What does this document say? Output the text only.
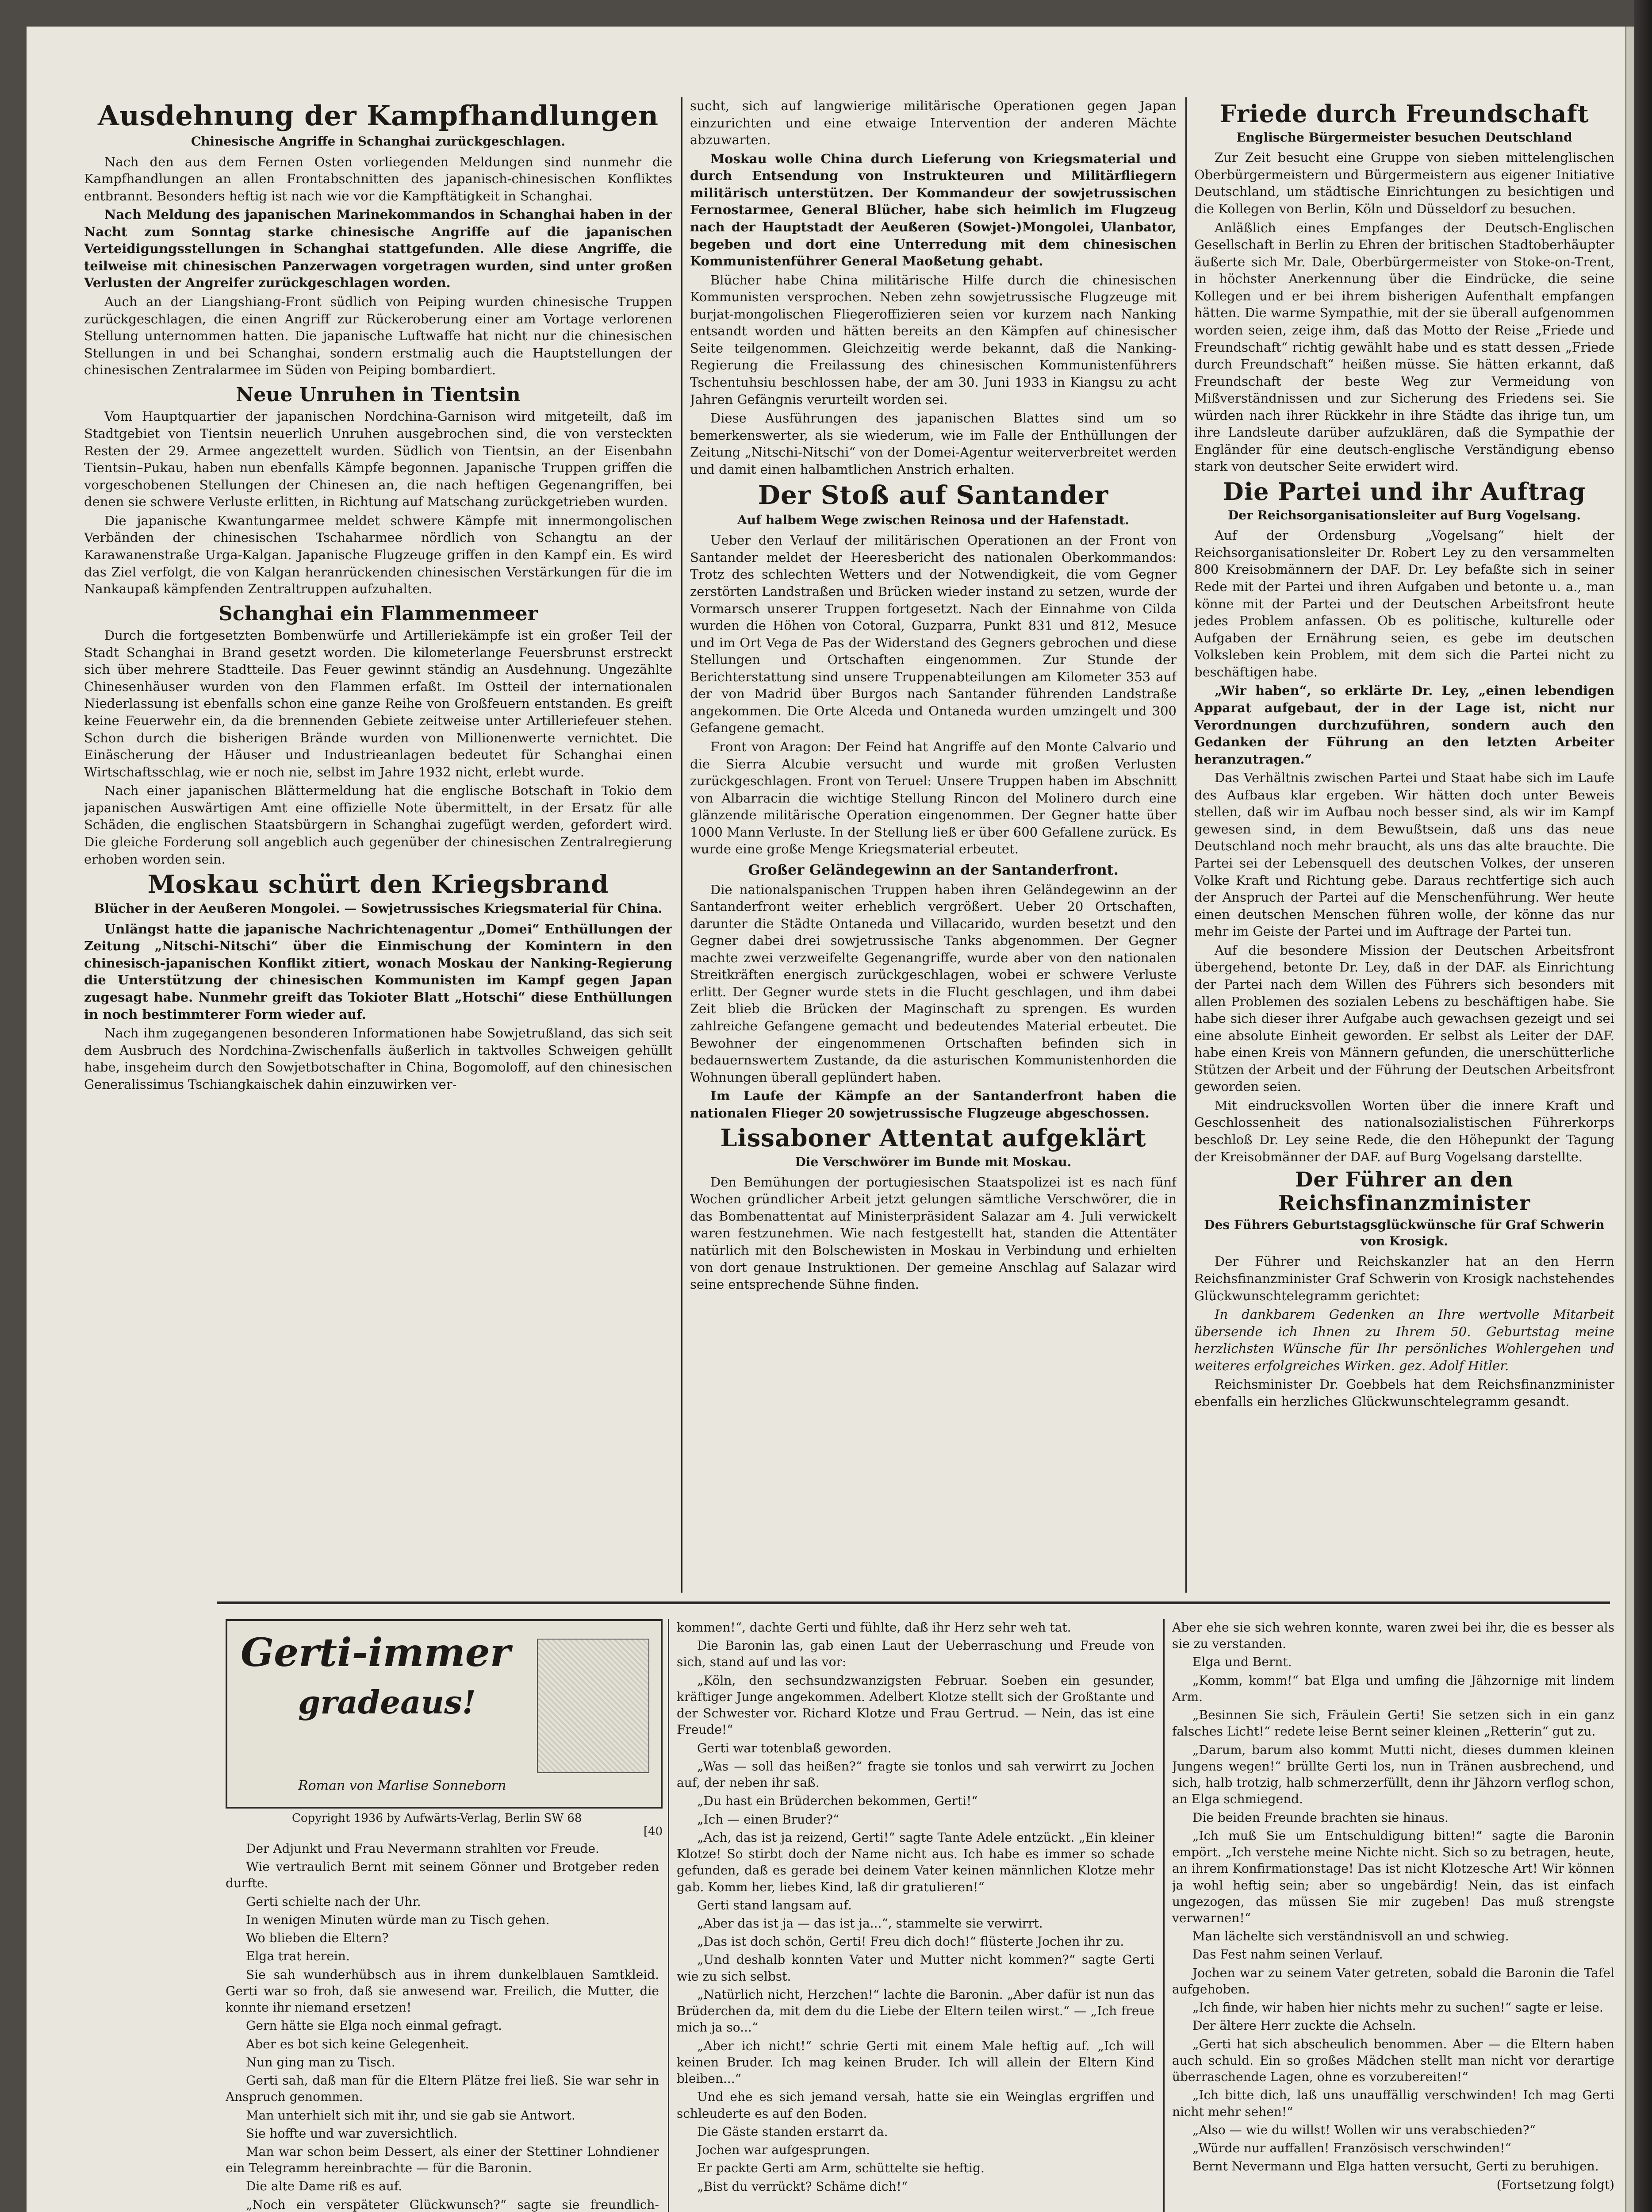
Ausdehnung der Kampfhandlungen
Chinesische Angriffe in Schanghai zurückgeschlagen.

Nach den aus dem Fernen Osten vorliegenden Meldungen sind nunmehr die Kampfhandlungen an allen Frontabschnitten des japanisch-chinesischen Konfliktes entbrannt. Besonders heftig ist nach wie vor die Kampftätigkeit in Schanghai.

Nach Meldung des japanischen Marinekommandos in Schanghai haben in der Nacht zum Sonntag starke chinesische Angriffe auf die japanischen Verteidigungsstellungen in Schanghai stattgefunden. Alle diese Angriffe, die teilweise mit chinesischen Panzerwagen vorgetragen wurden, sind unter großen Verlusten der Angreifer zurückgeschlagen worden.

Auch an der Liangshiang-Front südlich von Peiping wurden chinesische Truppen zurückgeschlagen, die einen Angriff zur Rückeroberung einer am Vortage verlorenen Stellung unternommen hatten. Die japanische Luftwaffe hat nicht nur die chinesischen Stellungen in und bei Schanghai, sondern erstmalig auch die Hauptstellungen der chinesischen Zentralarmee im Süden von Peiping bombardiert.

Neue Unruhen in Tientsin

Vom Hauptquartier der japanischen Nordchina-Garnison wird mitgeteilt, daß im Stadtgebiet von Tientsin neuerlich Unruhen ausgebrochen sind, die von versteckten Resten der 29. Armee angezettelt wurden. Südlich von Tientsin, an der Eisenbahn Tientsin–Pukau, haben nun ebenfalls Kämpfe begonnen. Japanische Truppen griffen die vorgeschobenen Stellungen der Chinesen an, die nach heftigen Gegenangriffen, bei denen sie schwere Verluste erlitten, in Richtung auf Matschang zurückgetrieben wurden.

Die japanische Kwantungarmee meldet schwere Kämpfe mit innermongolischen Verbänden der chinesischen Tschaharmee nördlich von Schangtu an der Karawanenstraße Urga-Kalgan. Japanische Flugzeuge griffen in den Kampf ein. Es wird das Ziel verfolgt, die von Kalgan heranrückenden chinesischen Verstärkungen für die im Nankaupaß kämpfenden Zentraltruppen aufzuhalten.

Schanghai ein Flammenmeer

Durch die fortgesetzten Bombenwürfe und Artilleriekämpfe ist ein großer Teil der Stadt Schanghai in Brand gesetzt worden. Die kilometerlange Feuersbrunst erstreckt sich über mehrere Stadtteile. Das Feuer gewinnt ständig an Ausdehnung. Ungezählte Chinesenhäuser wurden von den Flammen erfaßt. Im Ostteil der internationalen Niederlassung ist ebenfalls schon eine ganze Reihe von Großfeuern entstanden. Es greift keine Feuerwehr ein, da die brennenden Gebiete zeitweise unter Artilleriefeuer stehen. Schon durch die bisherigen Brände wurden von Millionenwerte vernichtet. Die Einäscherung der Häuser und Industrieanlagen bedeutet für Schanghai einen Wirtschaftsschlag, wie er noch nie, selbst im Jahre 1932 nicht, erlebt wurde.

Nach einer japanischen Blättermeldung hat die englische Botschaft in Tokio dem japanischen Auswärtigen Amt eine offizielle Note übermittelt, in der Ersatz für alle Schäden, die englischen Staatsbürgern in Schanghai zugefügt werden, gefordert wird. Die gleiche Forderung soll angeblich auch gegenüber der chinesischen Zentralregierung erhoben worden sein.

Moskau schürt den Kriegsbrand
Blücher in der Aeußeren Mongolei. — Sowjetrussisches Kriegsmaterial für China.

Unlängst hatte die japanische Nachrichtenagentur „Domei“ Enthüllungen der Zeitung „Nitschi-Nitschi“ über die Einmischung der Komintern in den chinesisch-japanischen Konflikt zitiert, wonach Moskau der Nanking-Regierung die Unterstützung der chinesischen Kommunisten im Kampf gegen Japan zugesagt habe. Nunmehr greift das Tokioter Blatt „Hotschi“ diese Enthüllungen in noch bestimmterer Form wieder auf.

Nach ihm zugegangenen besonderen Informationen habe Sowjetrußland, das sich seit dem Ausbruch des Nordchina-Zwischenfalls äußerlich in taktvolles Schweigen gehüllt habe, insgeheim durch den Sowjetbotschafter in China, Bogomoloff, auf den chinesischen Generalissimus Tschiangkaischek dahin einzuwirken ver-

sucht, sich auf langwierige militärische Operationen gegen Japan einzurichten und eine etwaige Intervention der anderen Mächte abzuwarten.

Moskau wolle China durch Lieferung von Kriegsmaterial und durch Entsendung von Instrukteuren und Militärfliegern militärisch unterstützen. Der Kommandeur der sowjetrussischen Fernostarmee, General Blücher, habe sich heimlich im Flugzeug nach der Hauptstadt der Aeußeren (Sowjet-)Mongolei, Ulanbator, begeben und dort eine Unterredung mit dem chinesischen Kommunistenführer General Maoßetung gehabt.

Blücher habe China militärische Hilfe durch die chinesischen Kommunisten versprochen. Neben zehn sowjetrussische Flugzeuge mit burjat-mongolischen Fliegeroffizieren seien vor kurzem nach Nanking entsandt worden und hätten bereits an den Kämpfen auf chinesischer Seite teilgenommen. Gleichzeitig werde bekannt, daß die Nanking-Regierung die Freilassung des chinesischen Kommunistenführers Tschentuhsiu beschlossen habe, der am 30. Juni 1933 in Kiangsu zu acht Jahren Gefängnis verurteilt worden sei.

Diese Ausführungen des japanischen Blattes sind um so bemerkenswerter, als sie wiederum, wie im Falle der Enthüllungen der Zeitung „Nitschi-Nitschi“ von der Domei-Agentur weiterverbreitet werden und damit einen halbamtlichen Anstrich erhalten.

Der Stoß auf Santander
Auf halbem Wege zwischen Reinosa und der Hafenstadt.

Ueber den Verlauf der militärischen Operationen an der Front von Santander meldet der Heeresbericht des nationalen Oberkommandos: Trotz des schlechten Wetters und der Notwendigkeit, die vom Gegner zerstörten Landstraßen und Brücken wieder instand zu setzen, wurde der Vormarsch unserer Truppen fortgesetzt. Nach der Einnahme von Cilda wurden die Höhen von Cotoral, Guzparra, Punkt 831 und 812, Mesuce und im Ort Vega de Pas der Widerstand des Gegners gebrochen und diese Stellungen und Ortschaften eingenommen. Zur Stunde der Berichterstattung sind unsere Truppenabteilungen am Kilometer 353 auf der von Madrid über Burgos nach Santander führenden Landstraße angekommen. Die Orte Alceda und Ontaneda wurden umzingelt und 300 Gefangene gemacht.

Front von Aragon: Der Feind hat Angriffe auf den Monte Calvario und die Sierra Alcubie versucht und wurde mit großen Verlusten zurückgeschlagen. Front von Teruel: Unsere Truppen haben im Abschnitt von Albarracin die wichtige Stellung Rincon del Molinero durch eine glänzende militärische Operation eingenommen. Der Gegner hatte über 1000 Mann Verluste. In der Stellung ließ er über 600 Gefallene zurück. Es wurde eine große Menge Kriegsmaterial erbeutet.

Großer Geländegewinn an der Santanderfront.

Die nationalspanischen Truppen haben ihren Geländegewinn an der Santanderfront weiter erheblich vergrößert. Ueber 20 Ortschaften, darunter die Städte Ontaneda und Villacarido, wurden besetzt und den Gegner dabei drei sowjetrussische Tanks abgenommen. Der Gegner machte zwei verzweifelte Gegenangriffe, wurde aber von den nationalen Streitkräften energisch zurückgeschlagen, wobei er schwere Verluste erlitt. Der Gegner wurde stets in die Flucht geschlagen, und ihm dabei Zeit blieb die Brücken der Maginschaft zu sprengen. Es wurden zahlreiche Gefangene gemacht und bedeutendes Material erbeutet. Die Bewohner der eingenommenen Ortschaften befinden sich in bedauernswertem Zustande, da die asturischen Kommunistenhorden die Wohnungen überall geplündert haben.

Im Laufe der Kämpfe an der Santanderfront haben die nationalen Flieger 20 sowjetrussische Flugzeuge abgeschossen.

Lissaboner Attentat aufgeklärt
Die Verschwörer im Bunde mit Moskau.

Den Bemühungen der portugiesischen Staatspolizei ist es nach fünf Wochen gründlicher Arbeit jetzt gelungen sämtliche Verschwörer, die in das Bombenattentat auf Ministerpräsident Salazar am 4. Juli verwickelt waren festzunehmen. Wie nach festgestellt hat, standen die Attentäter natürlich mit den Bolschewisten in Moskau in Verbindung und erhielten von dort genaue Instruktionen. Der gemeine Anschlag auf Salazar wird seine entsprechende Sühne finden.

Friede durch Freundschaft
Englische Bürgermeister besuchen Deutschland

Zur Zeit besucht eine Gruppe von sieben mittelenglischen Oberbürgermeistern und Bürgermeistern aus eigener Initiative Deutschland, um städtische Einrichtungen zu besichtigen und die Kollegen von Berlin, Köln und Düsseldorf zu besuchen.

Anläßlich eines Empfanges der Deutsch-Englischen Gesellschaft in Berlin zu Ehren der britischen Stadtoberhäupter äußerte sich Mr. Dale, Oberbürgermeister von Stoke-on-Trent, in höchster Anerkennung über die Eindrücke, die seine Kollegen und er bei ihrem bisherigen Aufenthalt empfangen hätten. Die warme Sympathie, mit der sie überall aufgenommen worden seien, zeige ihm, daß das Motto der Reise „Friede und Freundschaft“ richtig gewählt habe und es statt dessen „Friede durch Freundschaft“ heißen müsse. Sie hätten erkannt, daß Freundschaft der beste Weg zur Vermeidung von Mißverständnissen und zur Sicherung des Friedens sei. Sie würden nach ihrer Rückkehr in ihre Städte das ihrige tun, um ihre Landsleute darüber aufzuklären, daß die Sympathie der Engländer für eine deutsch-englische Verständigung ebenso stark von deutscher Seite erwidert wird.

Die Partei und ihr Auftrag
Der Reichsorganisationsleiter auf Burg Vogelsang.

Auf der Ordensburg „Vogelsang“ hielt der Reichsorganisationsleiter Dr. Robert Ley zu den versammelten 800 Kreisobmännern der DAF. Dr. Ley befaßte sich in seiner Rede mit der Partei und ihren Aufgaben und betonte u. a., man könne mit der Partei und der Deutschen Arbeitsfront heute jedes Problem anfassen. Ob es politische, kulturelle oder Aufgaben der Ernährung seien, es gebe im deutschen Volksleben kein Problem, mit dem sich die Partei nicht zu beschäftigen habe.

„Wir haben“, so erklärte Dr. Ley, „einen lebendigen Apparat aufgebaut, der in der Lage ist, nicht nur Verordnungen durchzuführen, sondern auch den Gedanken der Führung an den letzten Arbeiter heranzutragen.“

Das Verhältnis zwischen Partei und Staat habe sich im Laufe des Aufbaus klar ergeben. Wir hätten doch unter Beweis stellen, daß wir im Aufbau noch besser sind, als wir im Kampf gewesen sind, in dem Bewußtsein, daß uns das neue Deutschland noch mehr braucht, als uns das alte brauchte. Die Partei sei der Lebensquell des deutschen Volkes, der unseren Volke Kraft und Richtung gebe. Daraus rechtfertige sich auch der Anspruch der Partei auf die Menschenführung. Wer heute einen deutschen Menschen führen wolle, der könne das nur mehr im Geiste der Partei und im Auftrage der Partei tun.

Auf die besondere Mission der Deutschen Arbeitsfront übergehend, betonte Dr. Ley, daß in der DAF. als Einrichtung der Partei nach dem Willen des Führers sich besonders mit allen Problemen des sozialen Lebens zu beschäftigen habe. Sie habe sich dieser ihrer Aufgabe auch gewachsen gezeigt und sei eine absolute Einheit geworden. Er selbst als Leiter der DAF. habe einen Kreis von Männern gefunden, die unerschütterliche Stützen der Arbeit und der Führung der Deutschen Arbeitsfront geworden seien.

Mit eindrucksvollen Worten über die innere Kraft und Geschlossenheit des nationalsozialistischen Führerkorps beschloß Dr. Ley seine Rede, die den Höhepunkt der Tagung der Kreisobmänner der DAF. auf Burg Vogelsang darstellte.

Der Führer an den Reichsfinanzminister
Des Führers Geburtstagsglückwünsche für Graf Schwerin von Krosigk.

Der Führer und Reichskanzler hat an den Herrn Reichsfinanzminister Graf Schwerin von Krosigk nachstehendes Glückwunschtelegramm gerichtet:

In dankbarem Gedenken an Ihre wertvolle Mitarbeit übersende ich Ihnen zu Ihrem 50. Geburtstag meine herzlichsten Wünsche für Ihr persönliches Wohlergehen und weiteres erfolgreiches Wirken. gez. Adolf Hitler.

Reichsminister Dr. Goebbels hat dem Reichsfinanzminister ebenfalls ein herzliches Glückwunschtelegramm gesandt.

Gerti-immer
gradeaus!
Roman von Marlise Sonneborn
Copyright 1936 by Aufwärts-Verlag, Berlin SW 68
[40

Der Adjunkt und Frau Nevermann strahlten vor Freude.

Wie vertraulich Bernt mit seinem Gönner und Brotgeber reden durfte.

Gerti schielte nach der Uhr.

In wenigen Minuten würde man zu Tisch gehen.

Wo blieben die Eltern?

Elga trat herein.

Sie sah wunderhübsch aus in ihrem dunkelblauen Samtkleid. Gerti war so froh, daß sie anwesend war. Freilich, die Mutter, die konnte ihr niemand ersetzen!

Gern hätte sie Elga noch einmal gefragt.

Aber es bot sich keine Gelegenheit.

Nun ging man zu Tisch.

Gerti sah, daß man für die Eltern Plätze frei ließ. Sie war sehr in Anspruch genommen.

Man unterhielt sich mit ihr, und sie gab sie Antwort.

Sie hoffte und war zuversichtlich.

Man war schon beim Dessert, als einer der Stettiner Lohndiener ein Telegramm hereinbrachte — für die Baronin.

Die alte Dame riß es auf.

„Noch ein verspäteter Glückwunsch?“ sagte sie freundlich-

kommen!“, dachte Gerti und fühlte, daß ihr Herz sehr weh tat.

Die Baronin las, gab einen Laut der Ueberraschung und Freude von sich, stand auf und las vor:

„Köln, den sechsundzwanzigsten Februar. Soeben ein gesunder, kräftiger Junge angekommen. Adelbert Klotze stellt sich der Großtante und der Schwester vor. Richard Klotze und Frau Gertrud. — Nein, das ist eine Freude!“

Gerti war totenblaß geworden.

„Was — soll das heißen?“ fragte sie tonlos und sah verwirrt zu Jochen auf, der neben ihr saß.

„Du hast ein Brüderchen bekommen, Gerti!“

„Ich — einen Bruder?“

„Ach, das ist ja reizend, Gerti!“ sagte Tante Adele entzückt. „Ein kleiner Klotze! So stirbt doch der Name nicht aus. Ich habe es immer so schade gefunden, daß es gerade bei deinem Vater keinen männlichen Klotze mehr gab. Komm her, liebes Kind, laß dir gratulieren!“

Gerti stand langsam auf.

„Aber das ist ja — das ist ja...“, stammelte sie verwirrt.

„Das ist doch schön, Gerti! Freu dich doch!“ flüsterte Jochen ihr zu.

„Und deshalb konnten Vater und Mutter nicht kommen?“ sagte Gerti wie zu sich selbst.

„Natürlich nicht, Herzchen!“ lachte die Baronin. „Aber dafür ist nun das Brüderchen da, mit dem du die Liebe der Eltern teilen wirst.“ — „Ich freue mich ja so...“

„Aber ich nicht!“ schrie Gerti mit einem Male heftig auf. „Ich will keinen Bruder. Ich mag keinen Bruder. Ich will allein der Eltern Kind bleiben...“

Und ehe es sich jemand versah, hatte sie ein Weinglas ergriffen und schleuderte es auf den Boden.

Die Gäste standen erstarrt da.

Jochen war aufgesprungen.

Er packte Gerti am Arm, schüttelte sie heftig.

„Bist du verrückt? Schäme dich!“

Aber ehe sie sich wehren konnte, waren zwei bei ihr, die es besser als sie zu verstanden.

Elga und Bernt.

„Komm, komm!“ bat Elga und umfing die Jähzornige mit lindem Arm.

„Besinnen Sie sich, Fräulein Gerti! Sie setzen sich in ein ganz falsches Licht!“ redete leise Bernt seiner kleinen „Retterin“ gut zu.

„Darum, barum also kommt Mutti nicht, dieses dummen kleinen Jungens wegen!“ brüllte Gerti los, nun in Tränen ausbrechend, und sich, halb trotzig, halb schmerzerfüllt, denn ihr Jähzorn verflog schon, an Elga schmiegend.

Die beiden Freunde brachten sie hinaus.

„Ich muß Sie um Entschuldigung bitten!“ sagte die Baronin empört. „Ich verstehe meine Nichte nicht. Sich so zu betragen, heute, an ihrem Konfirmationstage! Das ist nicht Klotzesche Art! Wir können ja wohl heftig sein; aber so ungebärdig! Nein, das ist einfach ungezogen, das müssen Sie mir zugeben! Das muß strengste verwarnen!“

Man lächelte sich verständnisvoll an und schwieg.

Das Fest nahm seinen Verlauf.

Jochen war zu seinem Vater getreten, sobald die Baronin die Tafel aufgehoben.

„Ich finde, wir haben hier nichts mehr zu suchen!“ sagte er leise.

Der ältere Herr zuckte die Achseln.

„Gerti hat sich abscheulich benommen. Aber — die Eltern haben auch schuld. Ein so großes Mädchen stellt man nicht vor derartige überraschende Lagen, ohne es vorzubereiten!“

„Ich bitte dich, laß uns unauffällig verschwinden! Ich mag Gerti nicht mehr sehen!“

„Also — wie du willst! Wollen wir uns verabschieden?“

„Würde nur auffallen! Französisch verschwinden!“

Bernt Nevermann und Elga hatten versucht, Gerti zu beruhigen.

(Fortsetzung folgt)
